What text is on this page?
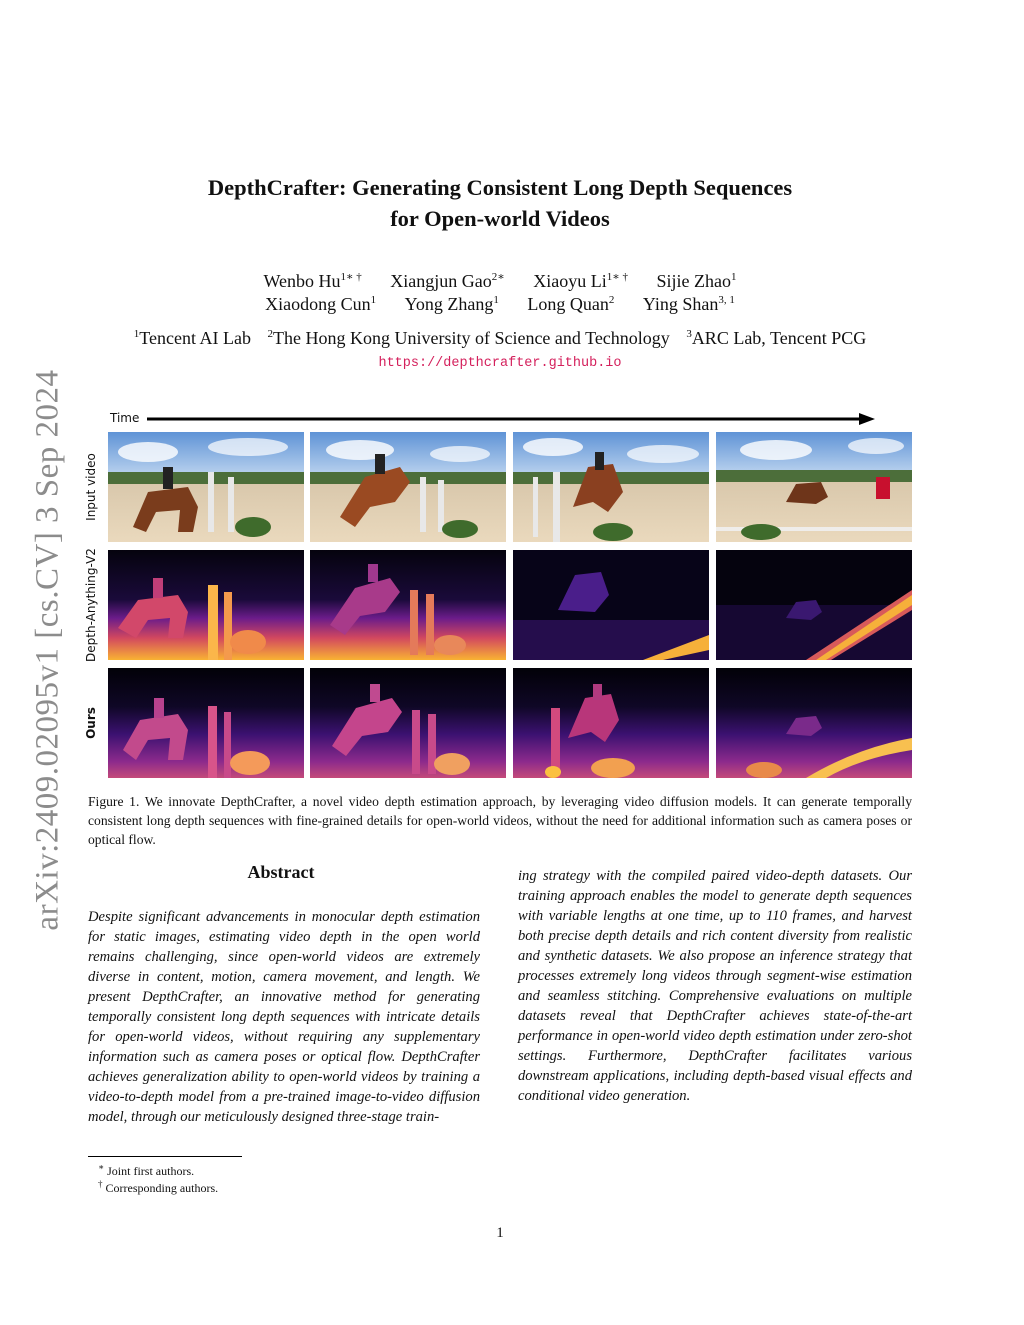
arXiv:2409.02095v1 [cs.CV] 3 Sep 2024
DepthCrafter: Generating Consistent Long Depth Sequences
for Open-world Videos
Wenbo $Hu^{1∗ \dagger}$ Xiangjun Gao$^{2∗}$ Xiaoyu $Li^{1∗ \dagger}$ Sijie Zhao$^1$
Xiaodong Cun$^1$ Yong Zhang$^1$ Long Quan$^2$ Ying Shan$^{3, 1}$
$^1$Tencent AI Lab $^2$The Hong Kong University of Science and Technology $^3$ARC Lab, Tencent PCG
https://depthcrafter.github.io
Time
Input video
Depth-Anything-V2
Ours
Figure 1. We innovate DepthCrafter, a novel video depth estimation approach, by leveraging video diffusion models. It can generate temporally consistent long depth sequences with fine-grained details for open-world videos, without the need for additional information such as camera poses or optical flow.
Abstract
Despite significant advancements in monocular depth estimation for static images, estimating video depth in the open world remains challenging, since open-world videos are extremely diverse in content, motion, camera movement, and length. We present DepthCrafter, an innovative method for generating temporally consistent long depth sequences with intricate details for open-world videos, without requiring any supplementary information such as camera poses or optical flow. DepthCrafter achieves generalization ability to open-world videos by training a video-to-depth model from a pre-trained image-to-video diffusion model, through our meticulously designed three-stage train-
ing strategy with the compiled paired video-depth datasets. Our training approach enables the model to generate depth sequences with variable lengths at one time, up to 110 frames, and harvest both precise depth details and rich content diversity from realistic and synthetic datasets. We also propose an inference strategy that processes extremely long videos through segment-wise estimation and seamless stitching. Comprehensive evaluations on multiple datasets reveal that DepthCrafter achieves state-of-the-art performance in open-world video depth estimation under zero-shot settings. Furthermore, DepthCrafter facilitates various downstream applications, including depth-based visual effects and conditional video generation.
∗ Joint first authors.
† Corresponding authors.
1
